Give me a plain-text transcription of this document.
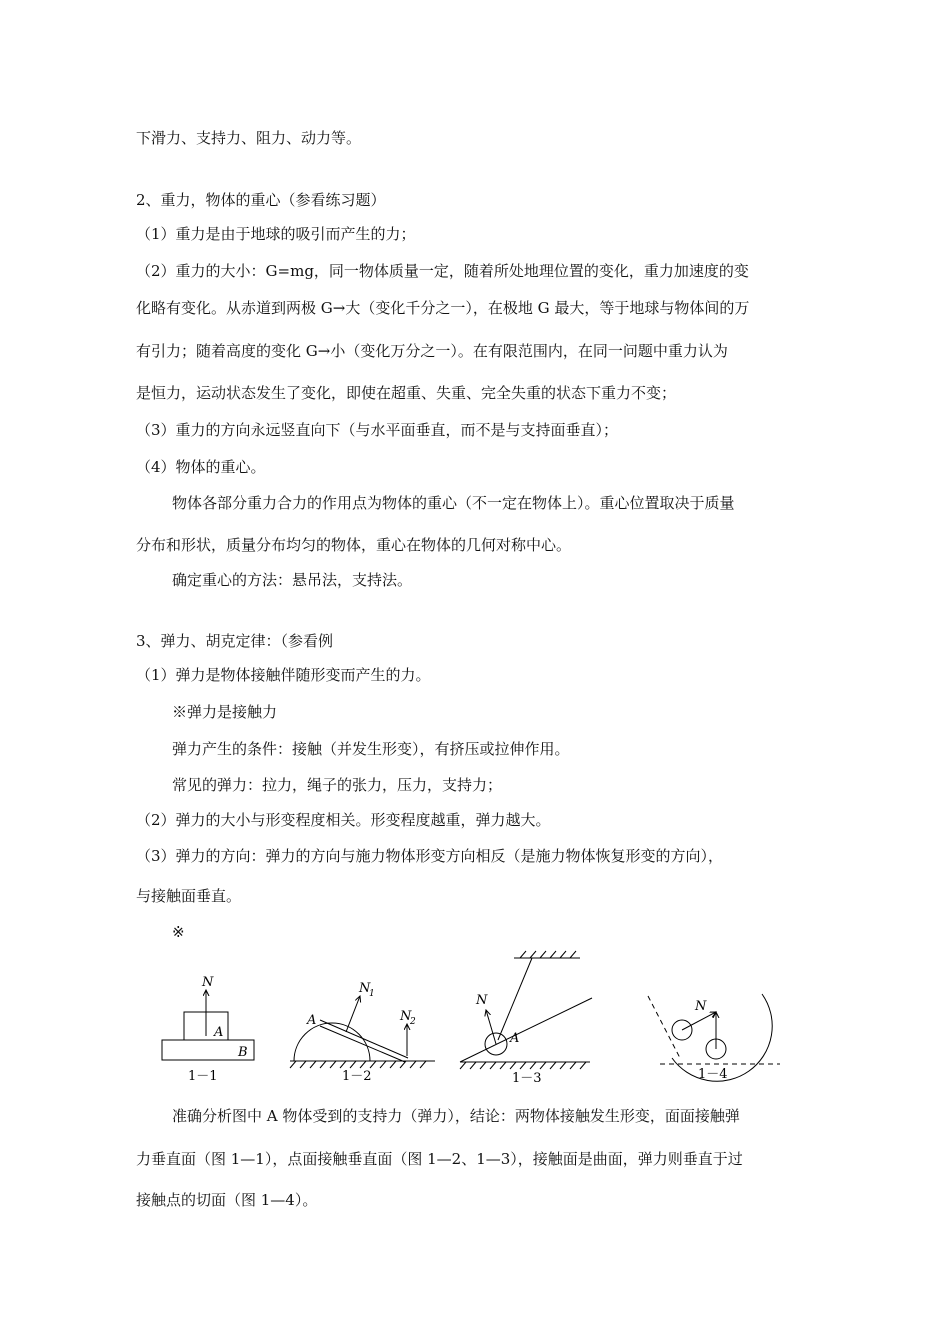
下滑力、支持力、阻力、动力等。
2、重力，物体的重心（参看练习题）
（1）重力是由于地球的吸引而产生的力；
（2）重力的大小：G=mg，同一物体质量一定，随着所处地理位置的变化，重力加速度的变
化略有变化。从赤道到两极 G→大（变化千分之一），在极地 G 最大，等于地球与物体间的万
有引力；随着高度的变化 G→小（变化万分之一）。在有限范围内，在同一问题中重力认为
是恒力，运动状态发生了变化，即使在超重、失重、完全失重的状态下重力不变；
（3）重力的方向永远竖直向下（与水平面垂直，而不是与支持面垂直）；
（4）物体的重心。
物体各部分重力合力的作用点为物体的重心（不一定在物体上）。重心位置取决于质量
分布和形状，质量分布均匀的物体，重心在物体的几何对称中心。
确定重心的方法：悬吊法，支持法。
3、弹力、胡克定律：（参看例
（1）弹力是物体接触伴随形变而产生的力。
※弹力是接触力
弹力产生的条件：接触（并发生形变），有挤压或拉伸作用。
常见的弹力：拉力，绳子的张力，压力，支持力；
（2）弹力的大小与形变程度相关。形变程度越重，弹力越大。
（3）弹力的方向：弹力的方向与施力物体形变方向相反（是施力物体恢复形变的方向），
与接触面垂直。
※
N
A
B
1－1
A
N
1
N
2
1－2
N
A
1－3
N
1－4
准确分析图中 A 物体受到的支持力（弹力），结论：两物体接触发生形变，面面接触弹
力垂直面（图 1—1），点面接触垂直面（图 1—2、1—3），接触面是曲面，弹力则垂直于过
接触点的切面（图 1—4）。
